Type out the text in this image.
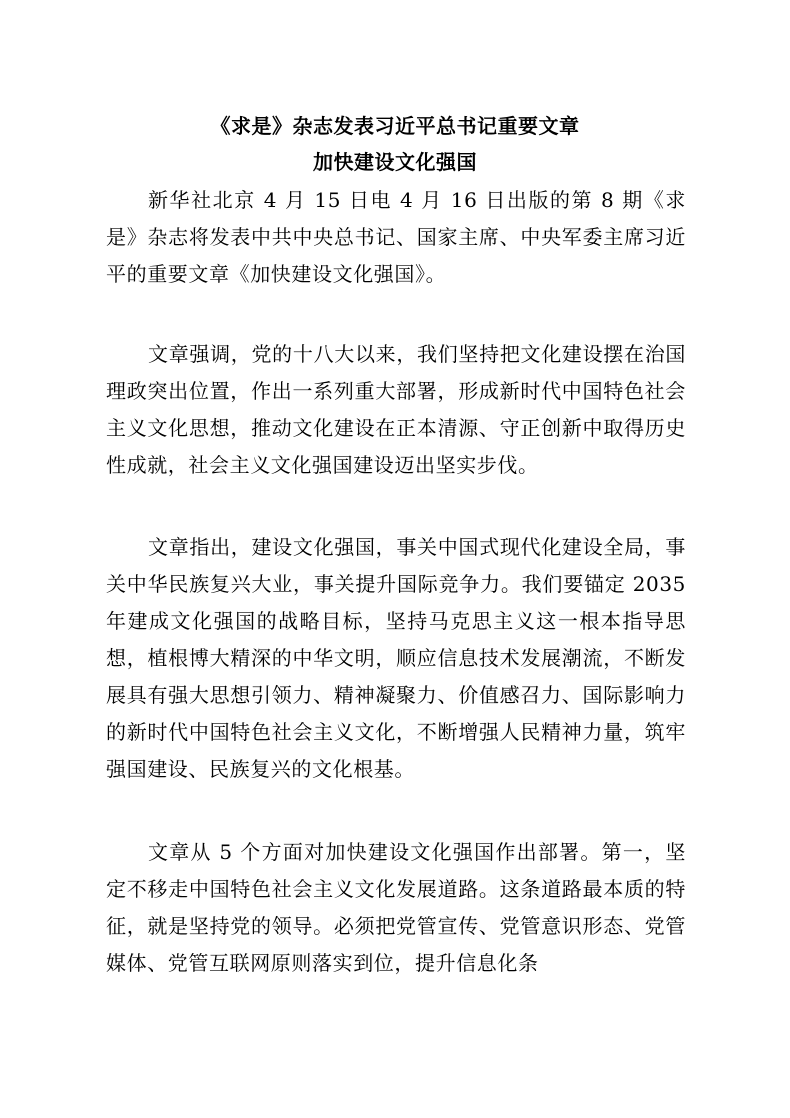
《求是》杂志发表习近平总书记重要文章
加快建设文化强国

新华社北京 4 月 15 日电 4 月 16 日出版的第 8 期《求是》杂志将发表中共中央总书记、国家主席、中央军委主席习近平的重要文章《加快建设文化强国》。

文章强调，党的十八大以来，我们坚持把文化建设摆在治国理政突出位置，作出一系列重大部署，形成新时代中国特色社会主义文化思想，推动文化建设在正本清源、守正创新中取得历史性成就，社会主义文化强国建设迈出坚实步伐。

文章指出，建设文化强国，事关中国式现代化建设全局，事关中华民族复兴大业，事关提升国际竞争力。我们要锚定 2035 年建成文化强国的战略目标，坚持马克思主义这一根本指导思想，植根博大精深的中华文明，顺应信息技术发展潮流，不断发展具有强大思想引领力、精神凝聚力、价值感召力、国际影响力的新时代中国特色社会主义文化，不断增强人民精神力量，筑牢强国建设、民族复兴的文化根基。

文章从 5 个方面对加快建设文化强国作出部署。第一，坚定不移走中国特色社会主义文化发展道路。这条道路最本质的特征，就是坚持党的领导。必须把党管宣传、党管意识形态、党管媒体、党管互联网原则落实到位，提升信息化条
